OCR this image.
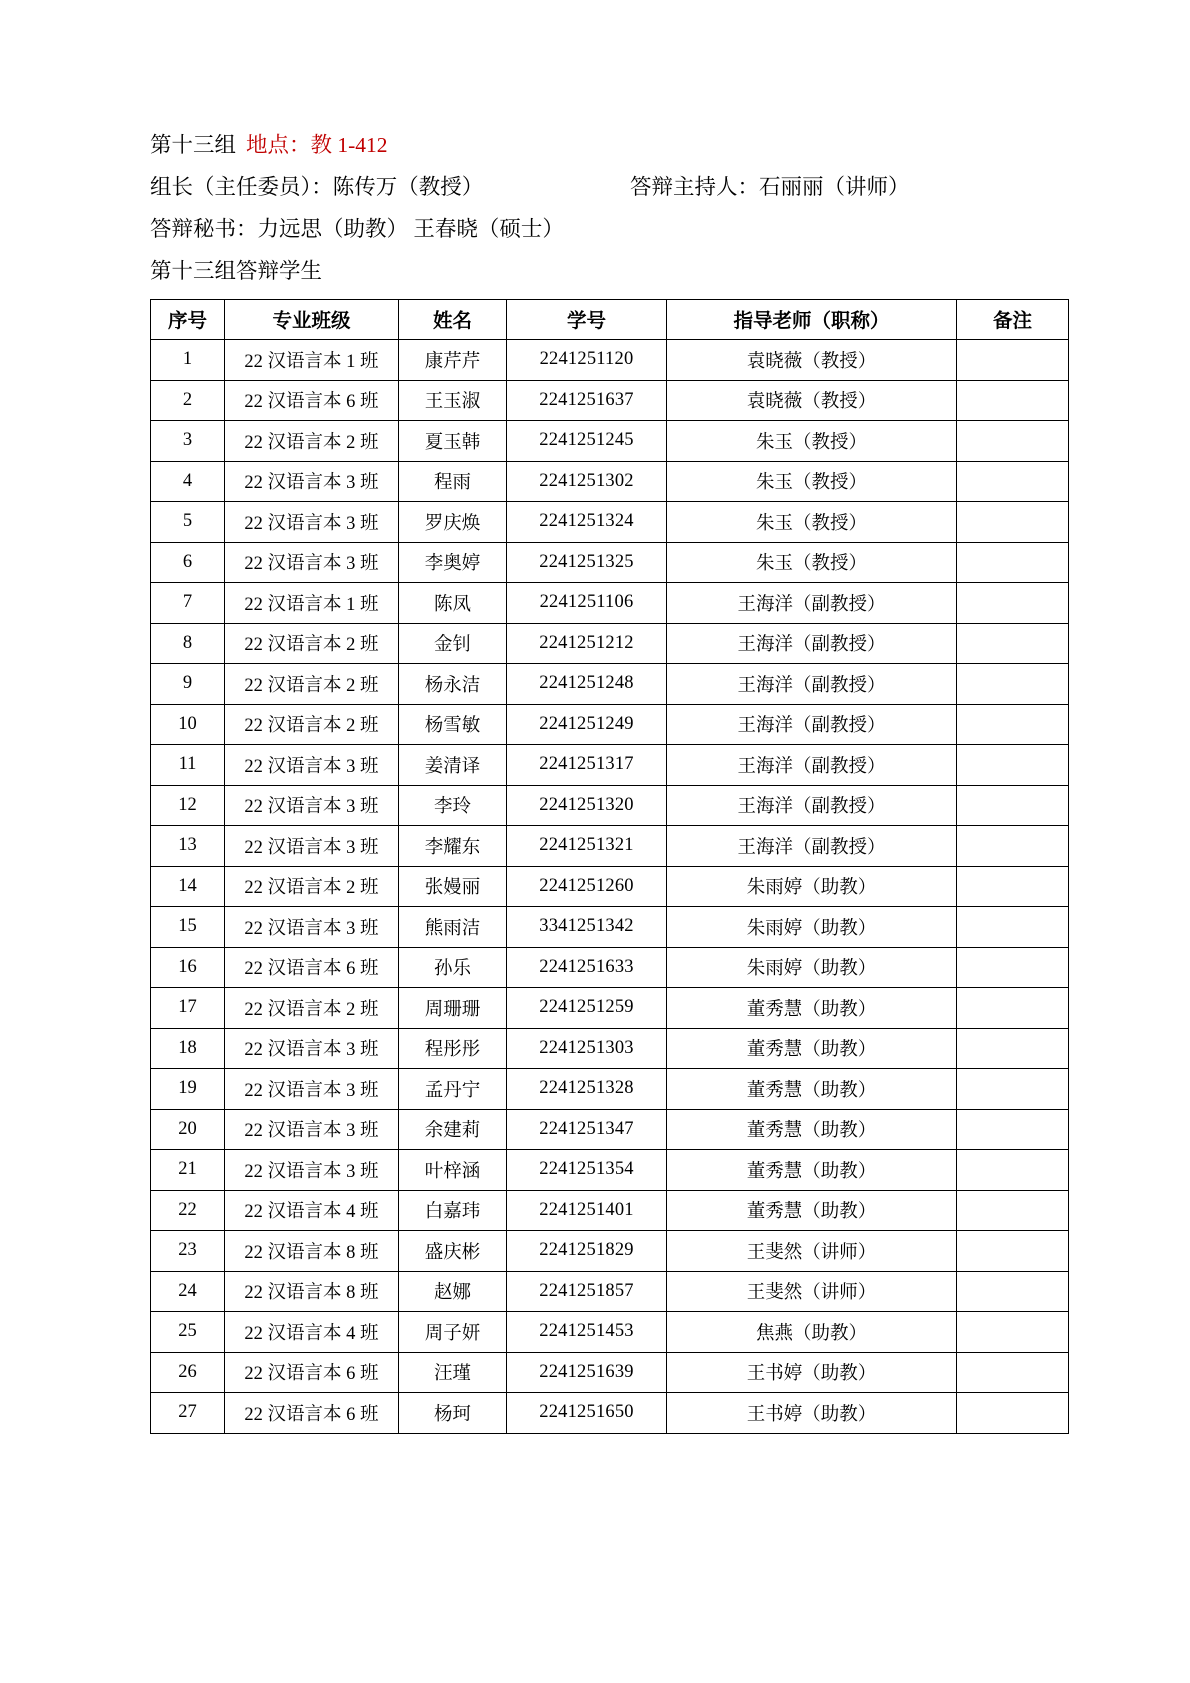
第十三组 地点：教 1-412
组长（主任委员）：陈传万（教授）	答辩主持人：石丽丽（讲师）
答辩秘书：力远思（助教） 王春晓（硕士）
第十三组答辩学生
序号	专业班级	姓名	学号	指导老师（职称）	备注
1	22 汉语言本 1 班	康芹芹	2241251120	袁晓薇（教授）	
2	22 汉语言本 6 班	王玉淑	2241251637	袁晓薇（教授）	
3	22 汉语言本 2 班	夏玉韩	2241251245	朱玉（教授）	
4	22 汉语言本 3 班	程雨	2241251302	朱玉（教授）	
5	22 汉语言本 3 班	罗庆焕	2241251324	朱玉（教授）	
6	22 汉语言本 3 班	李奥婷	2241251325	朱玉（教授）	
7	22 汉语言本 1 班	陈凤	2241251106	王海洋（副教授）	
8	22 汉语言本 2 班	金钊	2241251212	王海洋（副教授）	
9	22 汉语言本 2 班	杨永洁	2241251248	王海洋（副教授）	
10	22 汉语言本 2 班	杨雪敏	2241251249	王海洋（副教授）	
11	22 汉语言本 3 班	姜清译	2241251317	王海洋（副教授）	
12	22 汉语言本 3 班	李玲	2241251320	王海洋（副教授）	
13	22 汉语言本 3 班	李耀东	2241251321	王海洋（副教授）	
14	22 汉语言本 2 班	张嫚丽	2241251260	朱雨婷（助教）	
15	22 汉语言本 3 班	熊雨洁	3341251342	朱雨婷（助教）	
16	22 汉语言本 6 班	孙乐	2241251633	朱雨婷（助教）	
17	22 汉语言本 2 班	周珊珊	2241251259	董秀慧（助教）	
18	22 汉语言本 3 班	程彤彤	2241251303	董秀慧（助教）	
19	22 汉语言本 3 班	孟丹宁	2241251328	董秀慧（助教）	
20	22 汉语言本 3 班	余建莉	2241251347	董秀慧（助教）	
21	22 汉语言本 3 班	叶梓涵	2241251354	董秀慧（助教）	
22	22 汉语言本 4 班	白嘉玮	2241251401	董秀慧（助教）	
23	22 汉语言本 8 班	盛庆彬	2241251829	王斐然（讲师）	
24	22 汉语言本 8 班	赵娜	2241251857	王斐然（讲师）	
25	22 汉语言本 4 班	周子妍	2241251453	焦燕（助教）	
26	22 汉语言本 6 班	汪瑾	2241251639	王书婷（助教）	
27	22 汉语言本 6 班	杨珂	2241251650	王书婷（助教）	
